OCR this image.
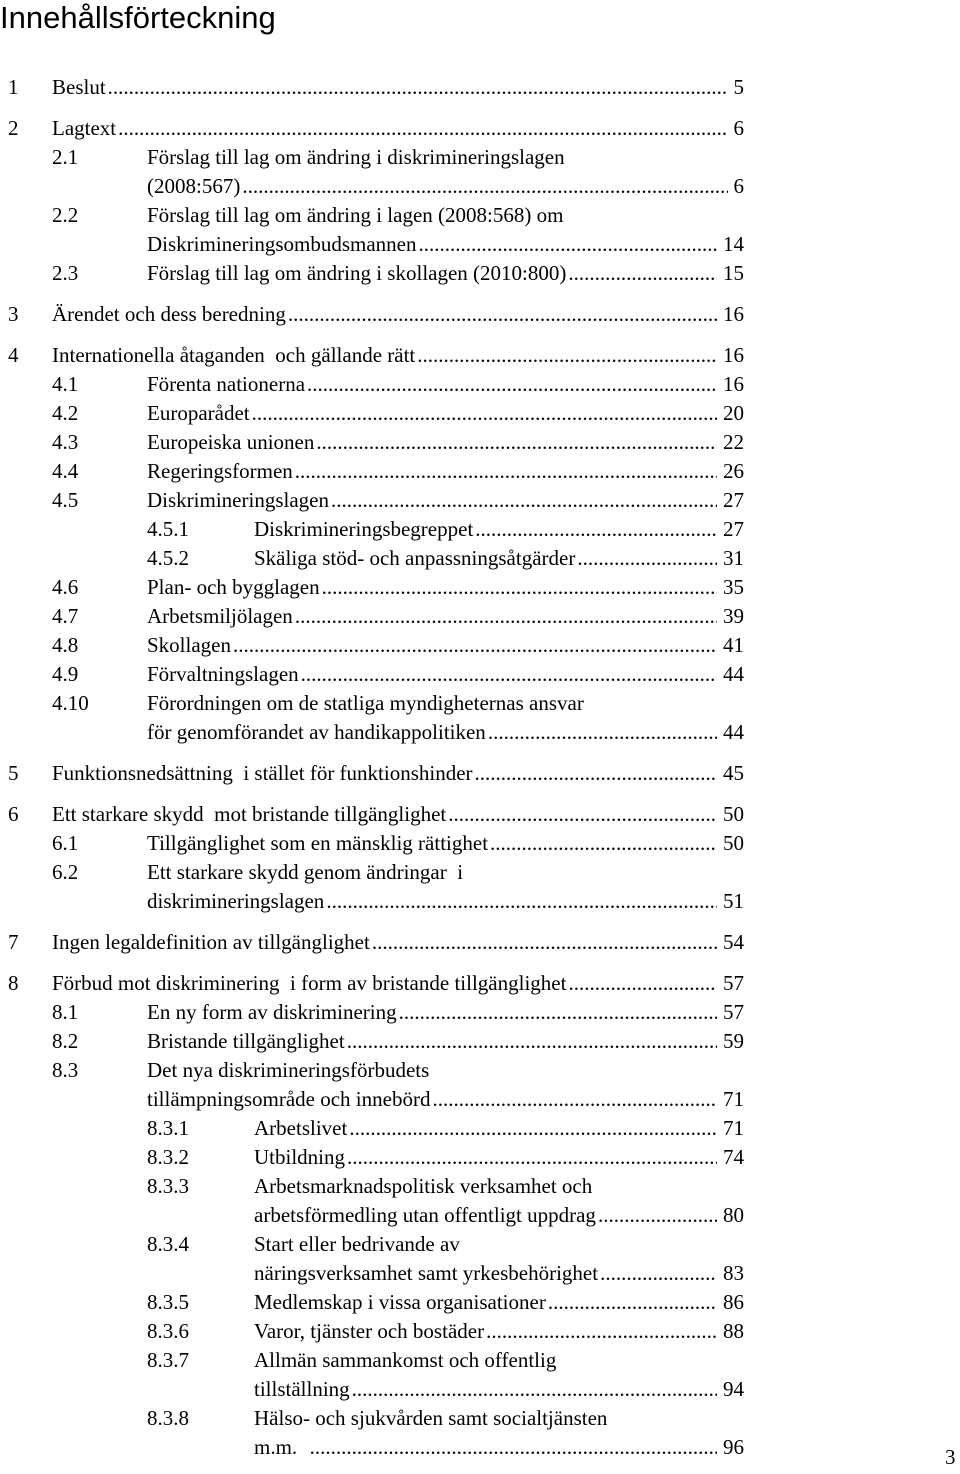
Innehållsförteckning
1 Beslut .....	5
2 Lagtext .....	6
2.1	Förslag till lag om ändring i diskrimineringslagen
(2008:567) .....	6
2.2	Förslag till lag om ändring i lagen (2008:568) om
Diskrimineringsombudsmannen .....	14
2.3	Förslag till lag om ändring i skollagen (2010:800) .....	15
3 Ärendet och dess beredning .....	16
4 Internationella åtaganden  och gällande rätt .....	16
4.1	Förenta nationerna .....	16
4.2	Europarådet .....	20
4.3	Europeiska unionen .....	22
4.4	Regeringsformen .....	26
4.5	Diskrimineringslagen .....	27
4.5.1	Diskrimineringsbegreppet .....	27
4.5.2	Skäliga stöd- och anpassningsåtgärder .....	31
4.6	Plan- och bygglagen .....	35
4.7	Arbetsmiljölagen .....	39
4.8	Skollagen .....	41
4.9	Förvaltningslagen .....	44
4.10	Förordningen om de statliga myndigheternas ansvar
för genomförandet av handikappolitiken .....	44
5 Funktionsnedsättning  i stället för funktionshinder .....	45
6 Ett starkare skydd  mot bristande tillgänglighet .....	50
6.1	Tillgänglighet som en mänsklig rättighet .....	50
6.2	Ett starkare skydd genom ändringar  i
diskrimineringslagen .....	51
7 Ingen legaldefinition av tillgänglighet .....	54
8 Förbud mot diskriminering  i form av bristande tillgänglighet .....	57
8.1	En ny form av diskriminering .....	57
8.2	Bristande tillgänglighet .....	59
8.3	Det nya diskrimineringsförbudets
tillämpningsområde och innebörd .....	71
8.3.1	Arbetslivet .....	71
8.3.2	Utbildning .....	74
8.3.3	Arbetsmarknadspolitisk verksamhet och
arbetsförmedling utan offentligt uppdrag .....	80
8.3.4	Start eller bedrivande av
näringsverksamhet samt yrkesbehörighet .....	83
8.3.5	Medlemskap i vissa organisationer .....	86
8.3.6	Varor, tjänster och bostäder .....	88
8.3.7	Allmän sammankomst och offentlig
tillställning .....	94
8.3.8	Hälso- och sjukvården samt socialtjänsten
m.m. .....	96	3
